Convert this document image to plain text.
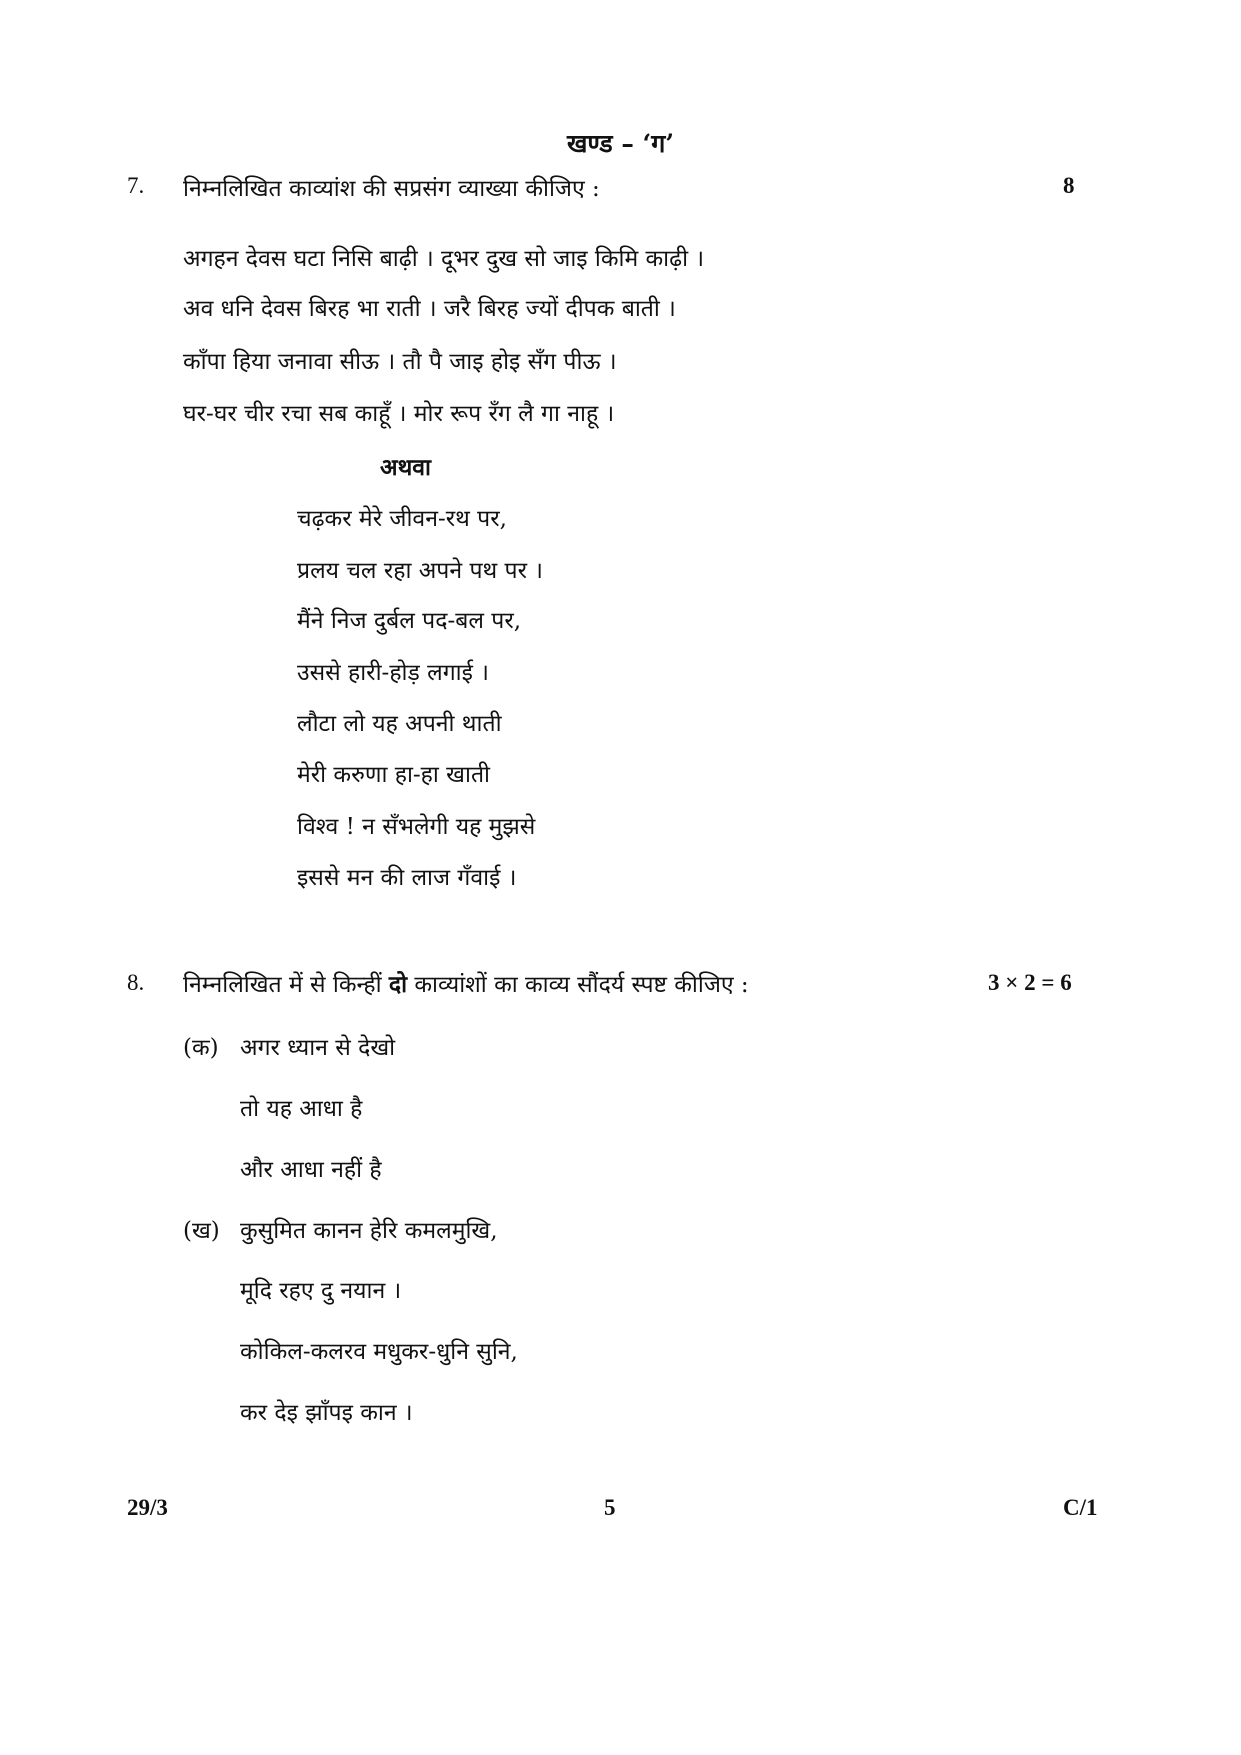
खण्ड – ‘ग’
7. निम्नलिखित काव्यांश की सप्रसंग व्याख्या कीजिए :	8
अगहन देवस घटा निसि बाढ़ी । दूभर दुख सो जाइ किमि काढ़ी ।
अव धनि देवस बिरह भा राती । जरै बिरह ज्यों दीपक बाती ।
काँपा हिया जनावा सीऊ । तौ पै जाइ होइ सँग पीऊ ।
घर-घर चीर रचा सब काहूँ । मोर रूप रँग लै गा नाहू ।
अथवा
चढ़कर मेरे जीवन-रथ पर,
प्रलय चल रहा अपने पथ पर ।
मैंने निज दुर्बल पद-बल पर,
उससे हारी-होड़ लगाई ।
लौटा लो यह अपनी थाती
मेरी करुणा हा-हा खाती
विश्व ! न सँभलेगी यह मुझसे
इससे मन की लाज गँवाई ।
8. निम्नलिखित में से किन्हीं दो काव्यांशों का काव्य सौंदर्य स्पष्ट कीजिए :	3 × 2 = 6
(क) अगर ध्यान से देखो
तो यह आधा है
और आधा नहीं है
(ख) कुसुमित कानन हेरि कमलमुखि,
मूदि रहए दु नयान ।
कोकिल-कलरव मधुकर-धुनि सुनि,
कर देइ झाँपइ कान ।
29/3	5	C/1
